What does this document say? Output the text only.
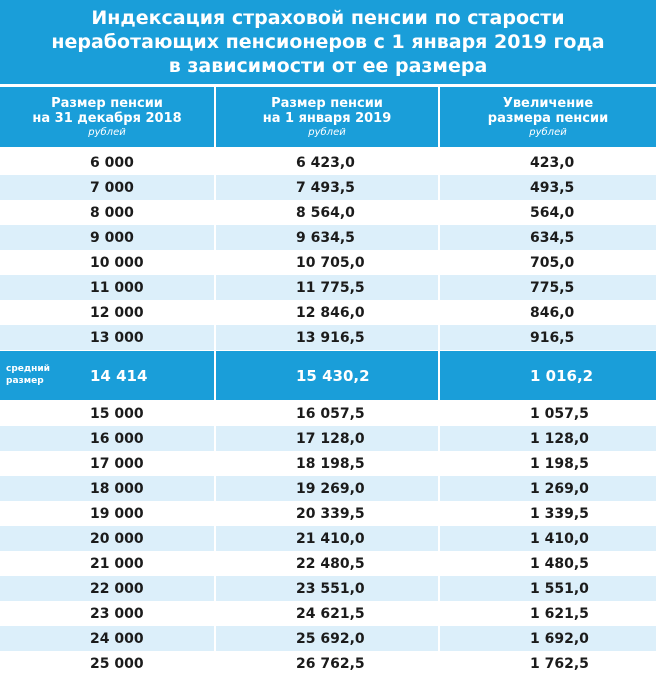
Индексация страховой пенсии по старости
неработающих пенсионеров с 1 января 2019 года
в зависимости от ее размера
Размер пенсии
на 31 декабря 2018
рублей
Размер пенсии
на 1 января 2019
рублей
Увеличение
размера пенсии
рублей
6 000	6 423,0	423,0
7 000	7 493,5	493,5
8 000	8 564,0	564,0
9 000	9 634,5	634,5
10 000	10 705,0	705,0
11 000	11 775,5	775,5
12 000	12 846,0	846,0
13 000	13 916,5	916,5
средний
размер	14 414	15 430,2	1 016,2
15 000	16 057,5	1 057,5
16 000	17 128,0	1 128,0
17 000	18 198,5	1 198,5
18 000	19 269,0	1 269,0
19 000	20 339,5	1 339,5
20 000	21 410,0	1 410,0
21 000	22 480,5	1 480,5
22 000	23 551,0	1 551,0
23 000	24 621,5	1 621,5
24 000	25 692,0	1 692,0
25 000	26 762,5	1 762,5
